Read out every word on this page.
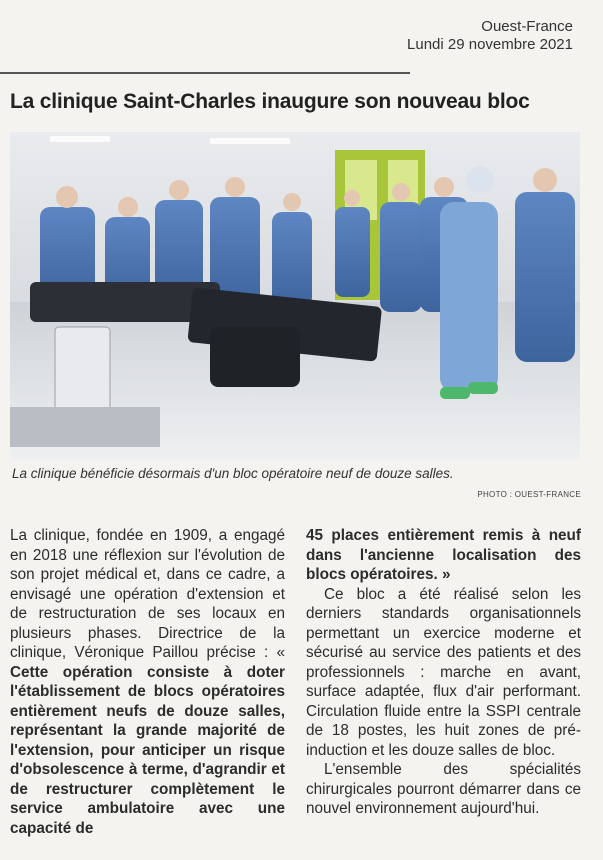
Ouest-France
Lundi 29 novembre 2021
La clinique Saint-Charles inaugure son nouveau bloc
La clinique bénéficie désormais d'un bloc opératoire neuf de douze salles.
PHOTO : OUEST-FRANCE

La clinique, fondée en 1909, a engagé en 2018 une réflexion sur l'évolution de son projet médical et, dans ce cadre, a envisagé une opération d'extension et de restructuration de ses locaux en plusieurs phases. Directrice de la clinique, Véronique Paillou précise : « Cette opération consiste à doter l'établissement de blocs opératoires entièrement neufs de douze salles, représentant la grande majorité de l'extension, pour anticiper un risque d'obsolescence à terme, d'agrandir et de restructurer complètement le service ambulatoire avec une capacité de

45 places entièrement remis à neuf dans l'ancienne localisation des blocs opératoires. »

Ce bloc a été réalisé selon les derniers standards organisationnels permettant un exercice moderne et sécurisé au service des patients et des professionnels : marche en avant, surface adaptée, flux d'air performant. Circulation fluide entre la SSPI centrale de 18 postes, les huit zones de pré-induction et les douze salles de bloc.

L'ensemble des spécialités chirurgicales pourront démarrer dans ce nouvel environnement aujourd'hui.
